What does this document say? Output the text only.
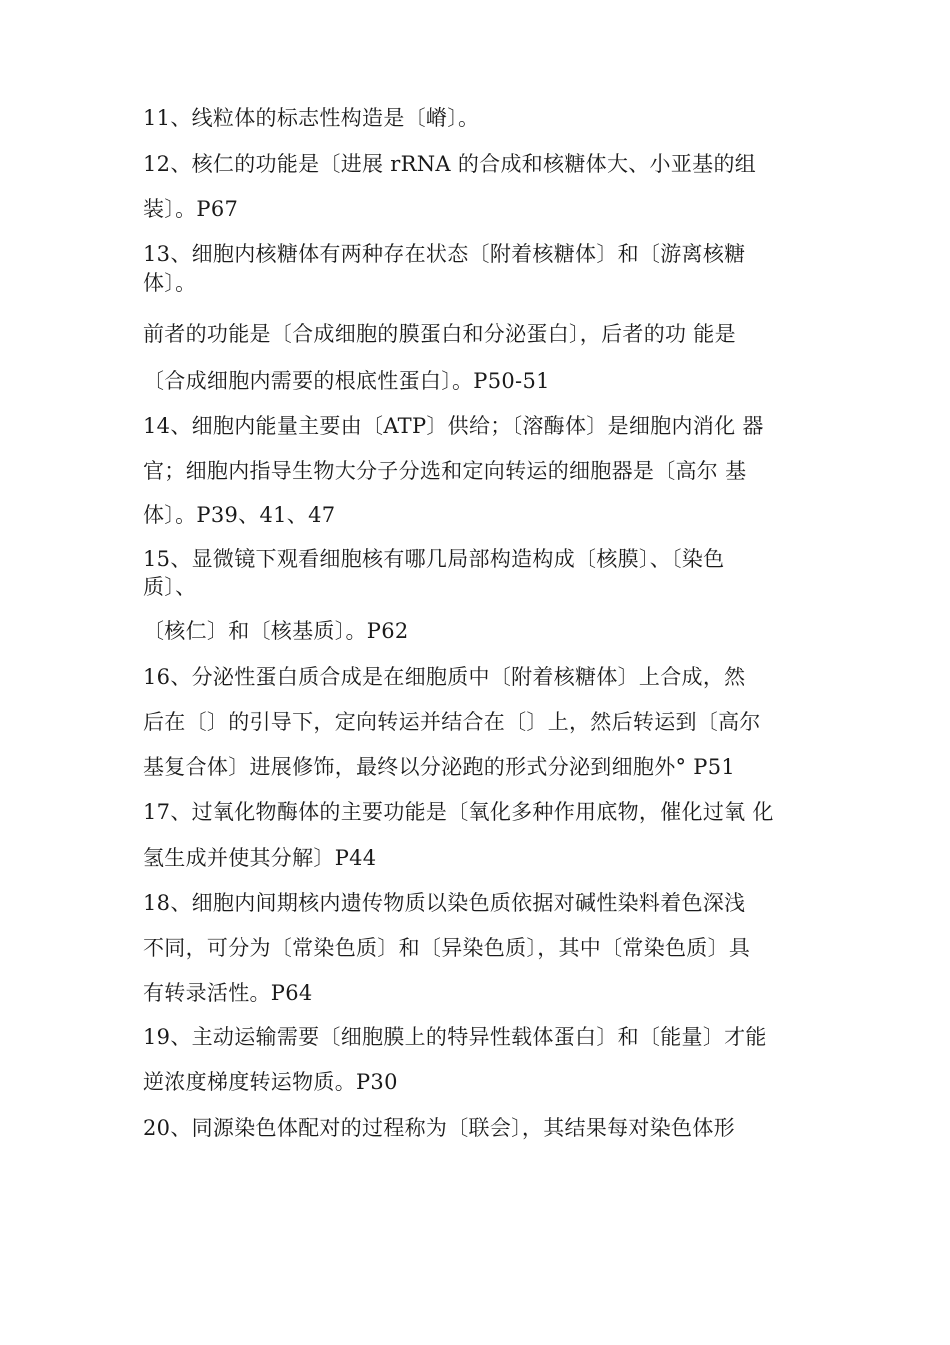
11、线粒体的标志性构造是〔嵴〕。
12、核仁的功能是〔进展 rRNA 的合成和核糖体大、小亚基的组
装〕。P67
13、细胞内核糖体有两种存在状态〔附着核糖体〕和〔游离核糖
体〕。
前者的功能是〔合成细胞的膜蛋白和分泌蛋白〕，后者的功 能是
〔合成细胞内需要的根底性蛋白〕。P50-51
14、细胞内能量主要由〔ATP〕供给；〔溶酶体〕是细胞内消化 器
官；细胞内指导生物大分子分选和定向转运的细胞器是〔高尔 基
体〕。P39、41、47
15、显微镜下观看细胞核有哪几局部构造构成〔核膜〕、〔染色
质〕、
〔核仁〕和〔核基质〕。P62
16、分泌性蛋白质合成是在细胞质中〔附着核糖体〕上合成，然
后在〔〕的引导下，定向转运并结合在〔〕上，然后转运到〔高尔
基复合体〕进展修饰，最终以分泌跑的形式分泌到细胞外° P51
17、过氧化物酶体的主要功能是〔氧化多种作用底物，催化过氧 化
氢生成并使其分解〕P44
18、细胞内间期核内遗传物质以染色质依据对碱性染料着色深浅
不同，可分为〔常染色质〕和〔异染色质〕，其中〔常染色质〕具
有转录活性。P64
19、主动运输需要〔细胞膜上的特异性载体蛋白〕和〔能量〕才能
逆浓度梯度转运物质。P30
20、同源染色体配对的过程称为〔联会〕，其结果每对染色体形
